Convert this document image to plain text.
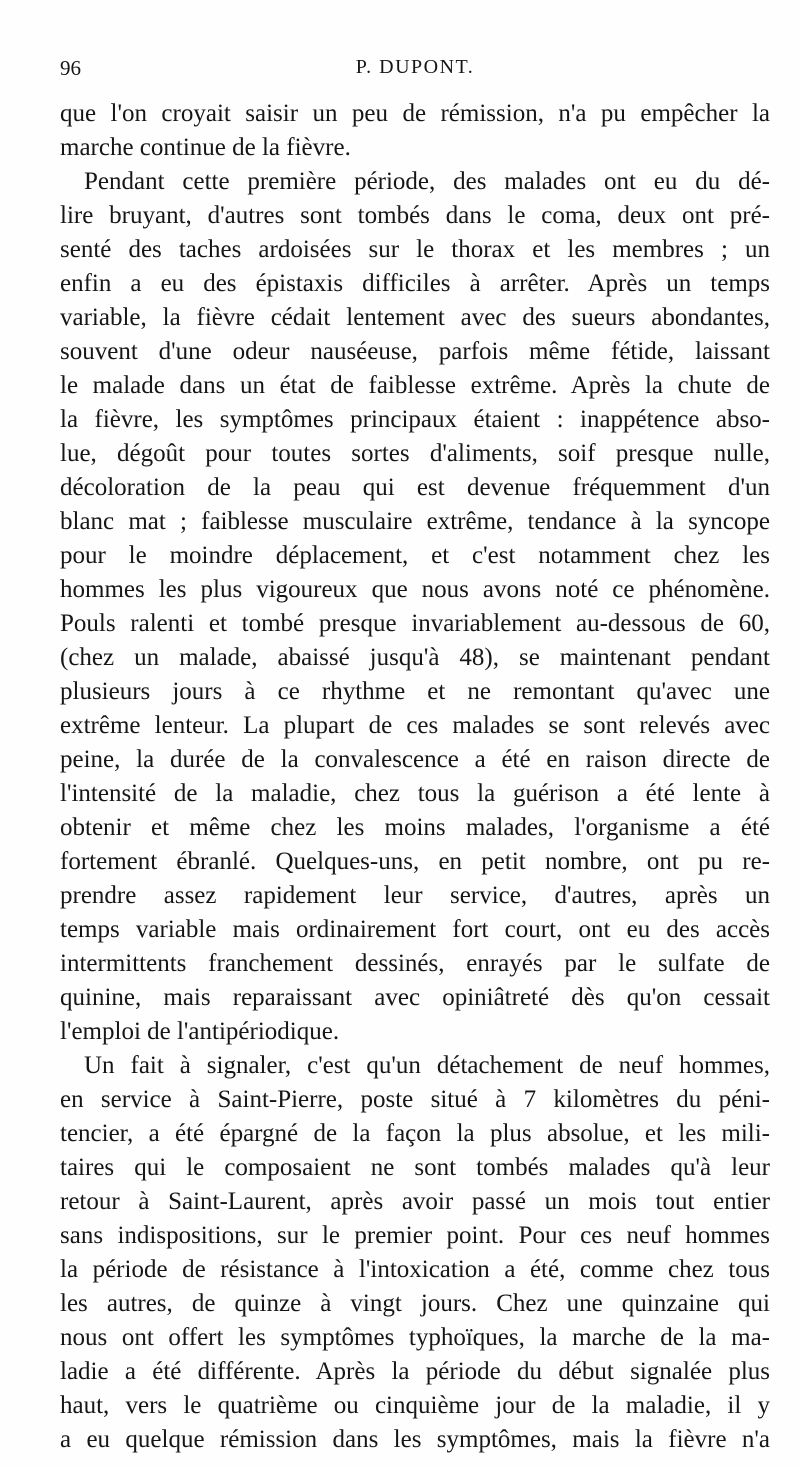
96	P. DUPONT.
que l'on croyait saisir un peu de rémission, n'a pu empêcher la
marche continue de la fièvre.
Pendant cette première période, des malades ont eu du dé-
lire bruyant, d'autres sont tombés dans le coma, deux ont pré-
senté des taches ardoisées sur le thorax et les membres ; un
enfin a eu des épistaxis difficiles à arrêter. Après un temps
variable, la fièvre cédait lentement avec des sueurs abondantes,
souvent d'une odeur nauséeuse, parfois même fétide, laissant
le malade dans un état de faiblesse extrême. Après la chute de
la fièvre, les symptômes principaux étaient : inappétence abso-
lue, dégoût pour toutes sortes d'aliments, soif presque nulle,
décoloration de la peau qui est devenue fréquemment d'un
blanc mat ; faiblesse musculaire extrême, tendance à la syncope
pour le moindre déplacement, et c'est notamment chez les
hommes les plus vigoureux que nous avons noté ce phénomène.
Pouls ralenti et tombé presque invariablement au-dessous de 60,
(chez un malade, abaissé jusqu'à 48), se maintenant pendant
plusieurs jours à ce rhythme et ne remontant qu'avec une
extrême lenteur. La plupart de ces malades se sont relevés avec
peine, la durée de la convalescence a été en raison directe de
l'intensité de la maladie, chez tous la guérison a été lente à
obtenir et même chez les moins malades, l'organisme a été
fortement ébranlé. Quelques-uns, en petit nombre, ont pu re-
prendre assez rapidement leur service, d'autres, après un
temps variable mais ordinairement fort court, ont eu des accès
intermittents franchement dessinés, enrayés par le sulfate de
quinine, mais reparaissant avec opiniâtreté dès qu'on cessait
l'emploi de l'antipériodique.
Un fait à signaler, c'est qu'un détachement de neuf hommes,
en service à Saint-Pierre, poste situé à 7 kilomètres du péni-
tencier, a été épargné de la façon la plus absolue, et les mili-
taires qui le composaient ne sont tombés malades qu'à leur
retour à Saint-Laurent, après avoir passé un mois tout entier
sans indispositions, sur le premier point. Pour ces neuf hommes
la période de résistance à l'intoxication a été, comme chez tous
les autres, de quinze à vingt jours. Chez une quinzaine qui
nous ont offert les symptômes typhoïques, la marche de la ma-
ladie a été différente. Après la période du début signalée plus
haut, vers le quatrième ou cinquième jour de la maladie, il y
a eu quelque rémission dans les symptômes, mais la fièvre n'a
